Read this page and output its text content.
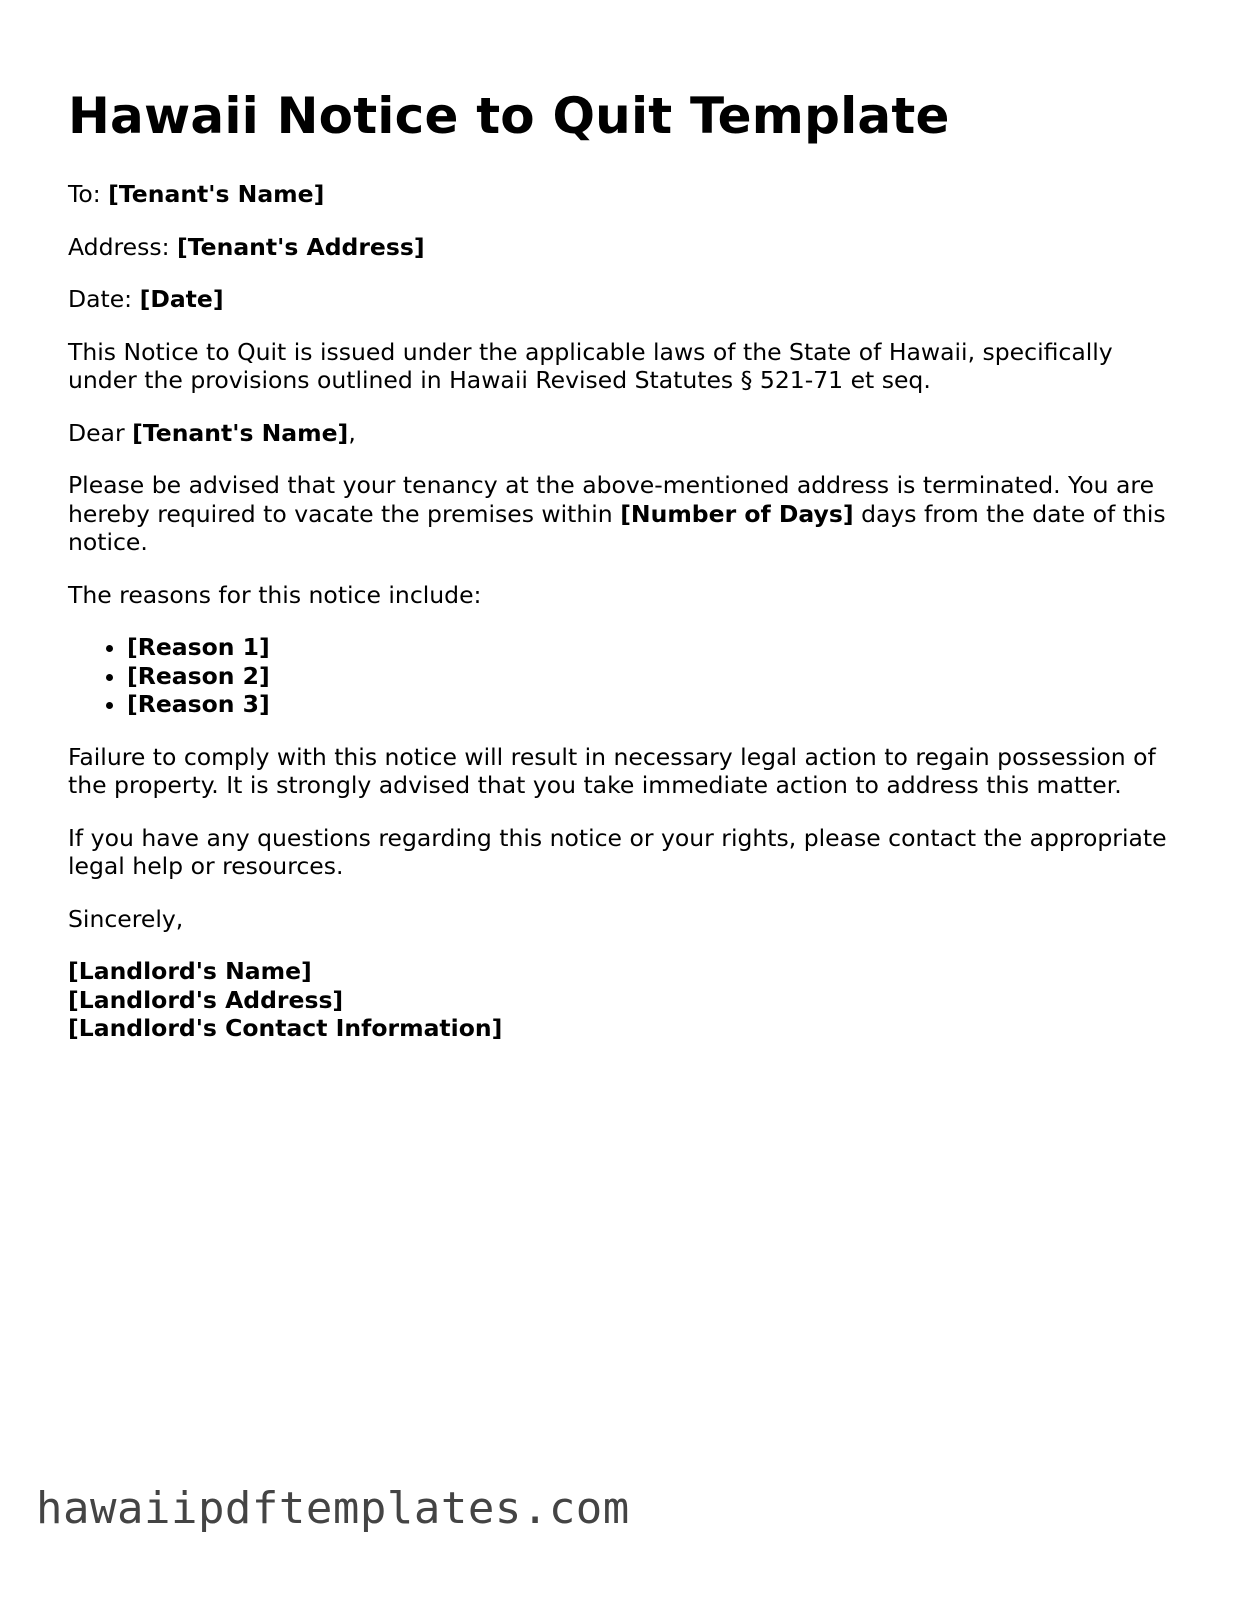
Hawaii Notice to Quit Template

To: [Tenant's Name]

Address: [Tenant's Address]

Date: [Date]

This Notice to Quit is issued under the applicable laws of the State of Hawaii, specifically under the provisions outlined in Hawaii Revised Statutes § 521-71 et seq.

Dear [Tenant's Name],

Please be advised that your tenancy at the above-mentioned address is terminated. You are hereby required to vacate the premises within [Number of Days] days from the date of this notice.

The reasons for this notice include:

• [Reason 1]
• [Reason 2]
• [Reason 3]

Failure to comply with this notice will result in necessary legal action to regain possession of the property. It is strongly advised that you take immediate action to address this matter.

If you have any questions regarding this notice or your rights, please contact the appropriate legal help or resources.

Sincerely,

[Landlord's Name]
[Landlord's Address]
[Landlord's Contact Information]

hawaiipdftemplates.com
